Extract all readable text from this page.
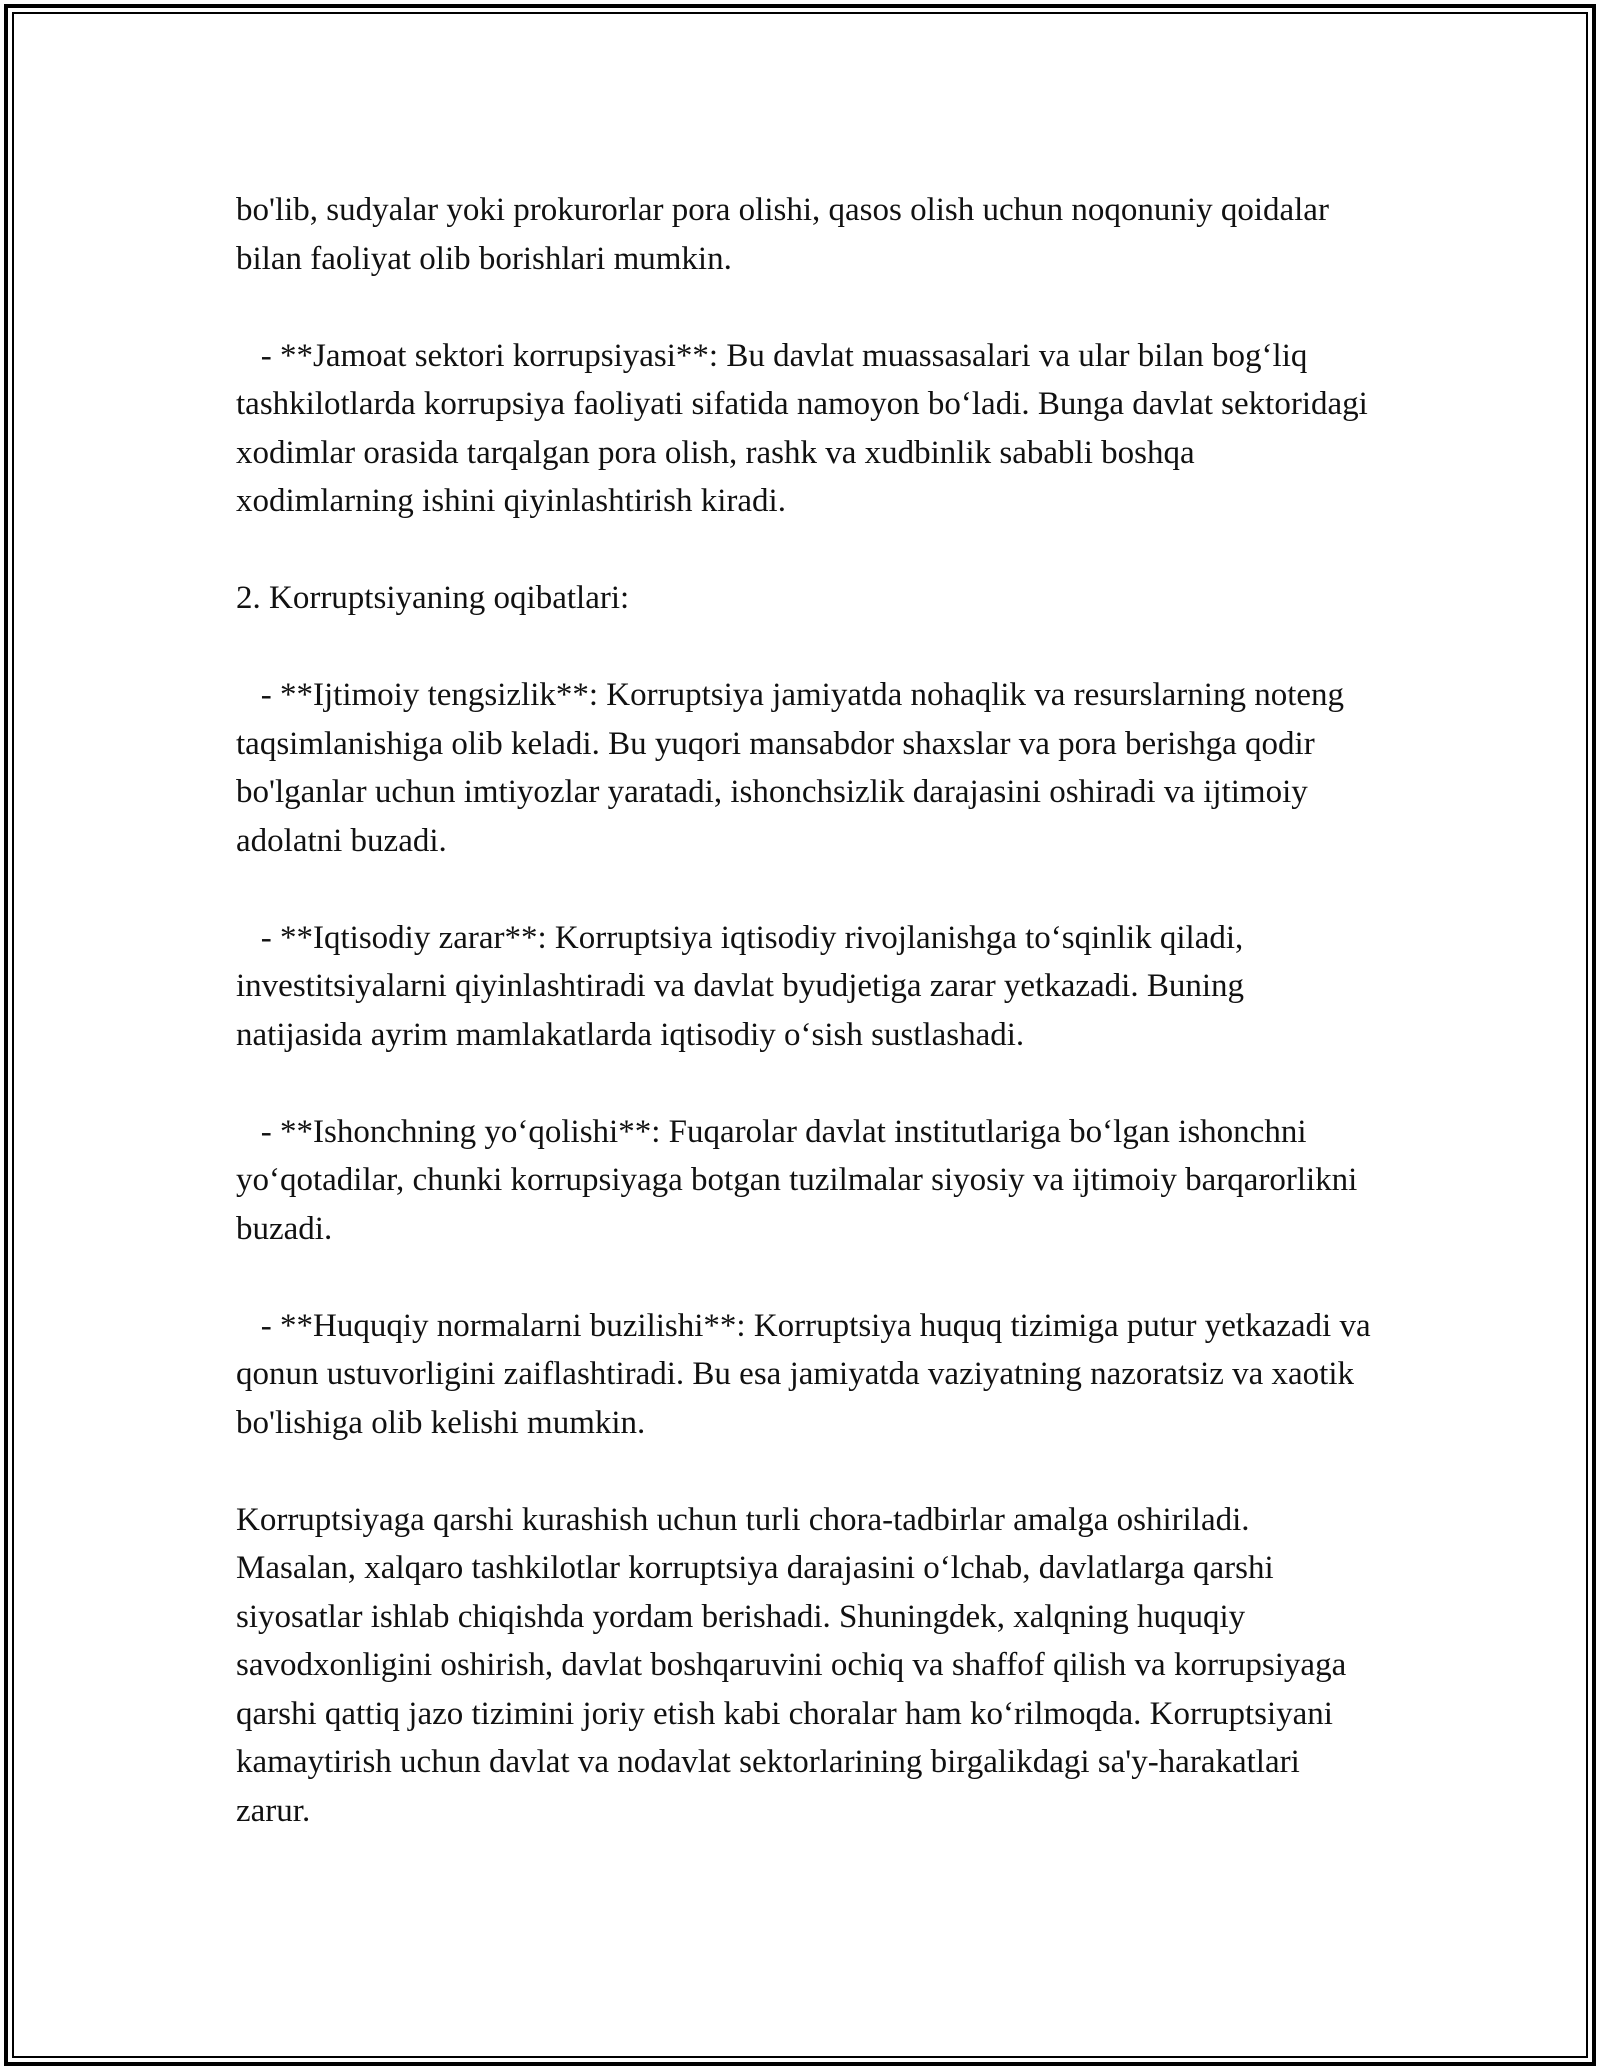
bo'lib, sudyalar yoki prokurorlar pora olishi, qasos olish uchun noqonuniy qoidalar bilan faoliyat olib borishlari mumkin.

- **Jamoat sektori korrupsiyasi**: Bu davlat muassasalari va ular bilan bogʻliq tashkilotlarda korrupsiya faoliyati sifatida namoyon boʻladi. Bunga davlat sektoridagi xodimlar orasida tarqalgan pora olish, rashk va xudbinlik sababli boshqa xodimlarning ishini qiyinlashtirish kiradi.

2. Korruptsiyaning oqibatlari:

- **Ijtimoiy tengsizlik**: Korruptsiya jamiyatda nohaqlik va resurslarning noteng taqsimlanishiga olib keladi. Bu yuqori mansabdor shaxslar va pora berishga qodir bo'lganlar uchun imtiyozlar yaratadi, ishonchsizlik darajasini oshiradi va ijtimoiy adolatni buzadi.

- **Iqtisodiy zarar**: Korruptsiya iqtisodiy rivojlanishga toʻsqinlik qiladi, investitsiyalarni qiyinlashtiradi va davlat byudjetiga zarar yetkazadi. Buning natijasida ayrim mamlakatlarda iqtisodiy oʻsish sustlashadi.

- **Ishonchning yoʻqolishi**: Fuqarolar davlat institutlariga boʻlgan ishonchni yoʻqotadilar, chunki korrupsiyaga botgan tuzilmalar siyosiy va ijtimoiy barqarorlikni buzadi.

- **Huquqiy normalarni buzilishi**: Korruptsiya huquq tizimiga putur yetkazadi va qonun ustuvorligini zaiflashtiradi. Bu esa jamiyatda vaziyatning nazoratsiz va xaotik bo'lishiga olib kelishi mumkin.

Korruptsiyaga qarshi kurashish uchun turli chora-tadbirlar amalga oshiriladi. Masalan, xalqaro tashkilotlar korruptsiya darajasini oʻlchab, davlatlarga qarshi siyosatlar ishlab chiqishda yordam berishadi. Shuningdek, xalqning huquqiy savodxonligini oshirish, davlat boshqaruvini ochiq va shaffof qilish va korrupsiyaga qarshi qattiq jazo tizimini joriy etish kabi choralar ham koʻrilmoqda. Korruptsiyani kamaytirish uchun davlat va nodavlat sektorlarining birgalikdagi sa'y-harakatlari zarur.
